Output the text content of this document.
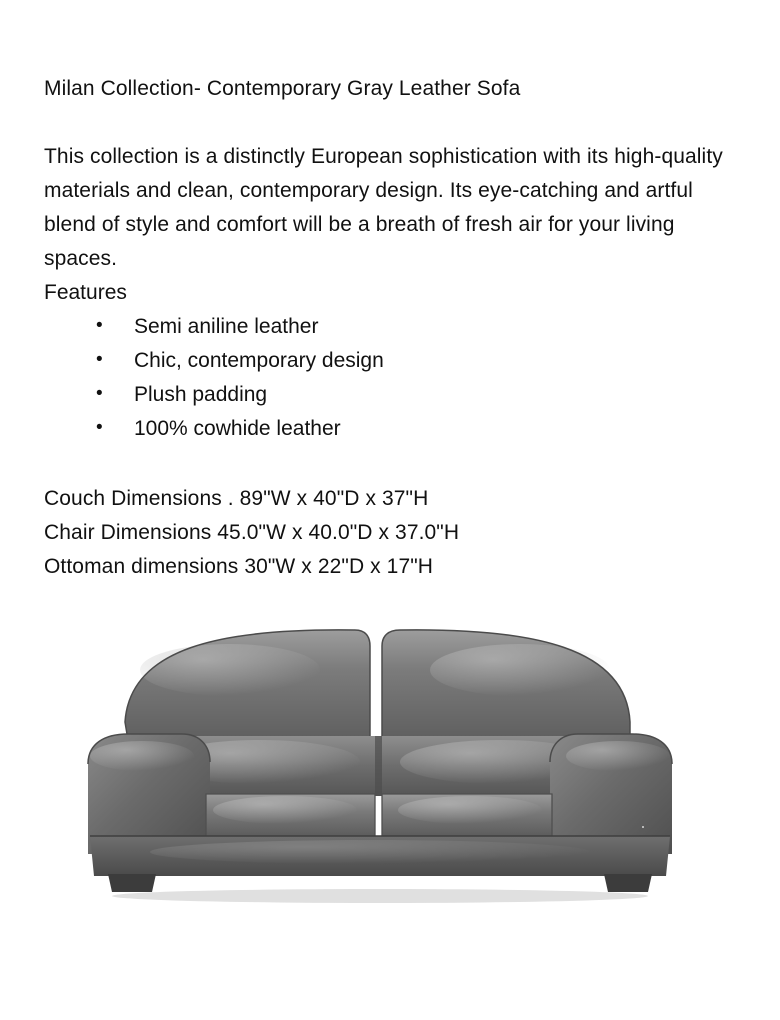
Milan Collection- Contemporary Gray Leather Sofa

This collection is a distinctly European sophistication with its high-quality materials and clean, contemporary design. Its eye-catching and artful blend of style and comfort will be a breath of fresh air for your living spaces.

Features

• Semi aniline leather
• Chic, contemporary design
• Plush padding
• 100% cowhide leather

Couch Dimensions . 89"W x 40"D x 37"H

Chair Dimensions 45.0"W x 40.0"D x 37.0"H

Ottoman dimensions 30"W x 22"D x 17"H
